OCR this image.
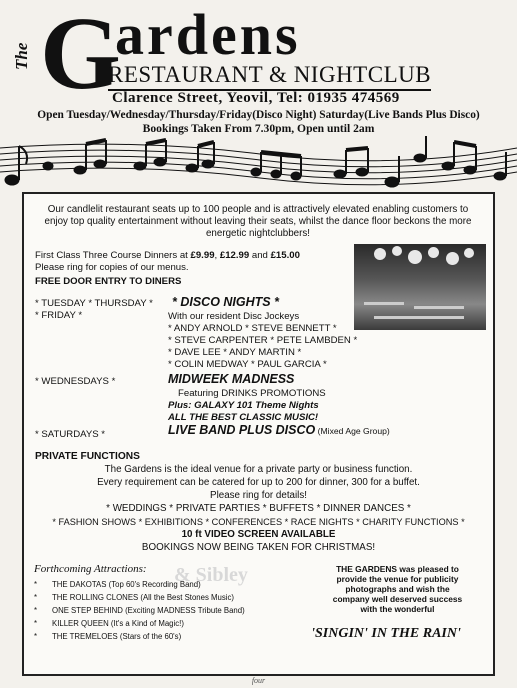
The G
ardens
RESTAURANT & NIGHTCLUB
Clarence Street, Yeovil, Tel: 01935 474569
Open Tuesday/Wednesday/Thursday/Friday(Disco Night) Saturday(Live Bands Plus Disco)
Bookings Taken From 7.30pm, Open until 2am
Our candlelit restaurant seats up to 100 people and is attractively elevated enabling customers to enjoy top quality entertainment without leaving their seats, whilst the dance floor beckons the more energetic nightclubbers!
First Class Three Course Dinners at £9.99, £12.99 and £15.00
Please ring for copies of our menus.
FREE DOOR ENTRY TO DINERS
* TUESDAY * THURSDAY *
* FRIDAY *
* DISCO NIGHTS *
With our resident Disc Jockeys
* ANDY ARNOLD * STEVE BENNETT *
* STEVE CARPENTER * PETE LAMBDEN *
* DAVE LEE * ANDY MARTIN *
* COLIN MEDWAY * PAUL GARCIA *
* WEDNESDAYS *	MIDWEEK MADNESS
Featuring DRINKS PROMOTIONS
Plus: GALAXY 101 Theme Nights
ALL THE BEST CLASSIC MUSIC!
* SATURDAYS *	LIVE BAND PLUS DISCO (Mixed Age Group)
PRIVATE FUNCTIONS
The Gardens is the ideal venue for a private party or business function.
Every requirement can be catered for up to 200 for dinner, 300 for a buffet.
Please ring for details!
* WEDDINGS * PRIVATE PARTIES * BUFFETS * DINNER DANCES *
* FASHION SHOWS * EXHIBITIONS * CONFERENCES * RACE NIGHTS * CHARITY FUNCTIONS *
10 ft VIDEO SCREEN AVAILABLE
BOOKINGS NOW BEING TAKEN FOR CHRISTMAS!
& Sibley
Forthcoming Attractions:
* THE DAKOTAS (Top 60's Recording Band)
* THE ROLLING CLONES (All the Best Stones Music)
* ONE STEP BEHIND (Exciting MADNESS Tribute Band)
* KILLER QUEEN (It's a Kind of Magic!)
* THE TREMELOES (Stars of the 60's)
THE GARDENS was pleased to
provide the venue for publicity
photographs and wish the
company well deserved success
with the wonderful
'SINGIN' IN THE RAIN'
four
